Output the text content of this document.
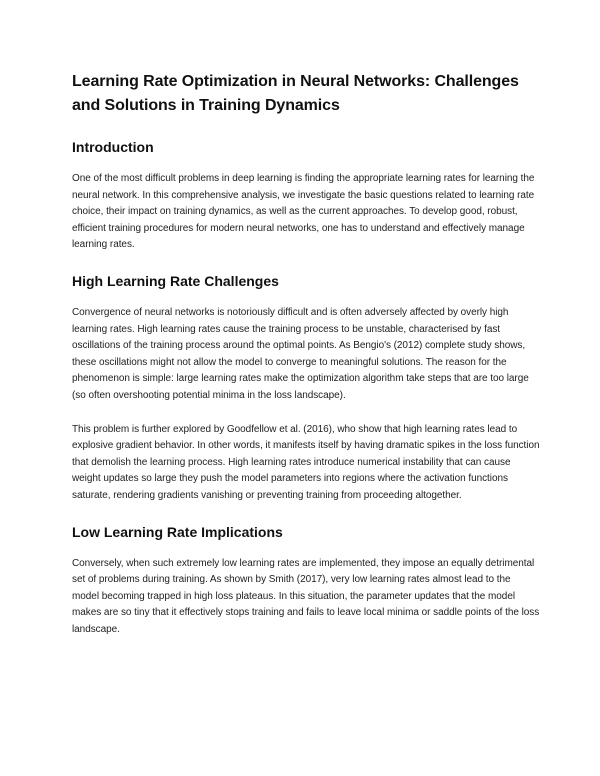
Learning Rate Optimization in Neural Networks: Challenges and Solutions in Training Dynamics
Introduction

One of the most difficult problems in deep learning is finding the appropriate learning rates for learning the neural network. In this comprehensive analysis, we investigate the basic questions related to learning rate choice, their impact on training dynamics, as well as the current approaches. To develop good, robust, efficient training procedures for modern neural networks, one has to understand and effectively manage learning rates.

High Learning Rate Challenges

Convergence of neural networks is notoriously difficult and is often adversely affected by overly high learning rates. High learning rates cause the training process to be unstable, characterised by fast oscillations of the training process around the optimal points. As Bengio's (2012) complete study shows, these oscillations might not allow the model to converge to meaningful solutions. The reason for the phenomenon is simple: large learning rates make the optimization algorithm take steps that are too large (so often overshooting potential minima in the loss landscape).

This problem is further explored by Goodfellow et al. (2016), who show that high learning rates lead to explosive gradient behavior. In other words, it manifests itself by having dramatic spikes in the loss function that demolish the learning process. High learning rates introduce numerical instability that can cause weight updates so large they push the model parameters into regions where the activation functions saturate, rendering gradients vanishing or preventing training from proceeding altogether.

Low Learning Rate Implications

Conversely, when such extremely low learning rates are implemented, they impose an equally detrimental set of problems during training. As shown by Smith (2017), very low learning rates almost lead to the model becoming trapped in high loss plateaus. In this situation, the parameter updates that the model makes are so tiny that it effectively stops training and fails to leave local minima or saddle points of the loss landscape.
